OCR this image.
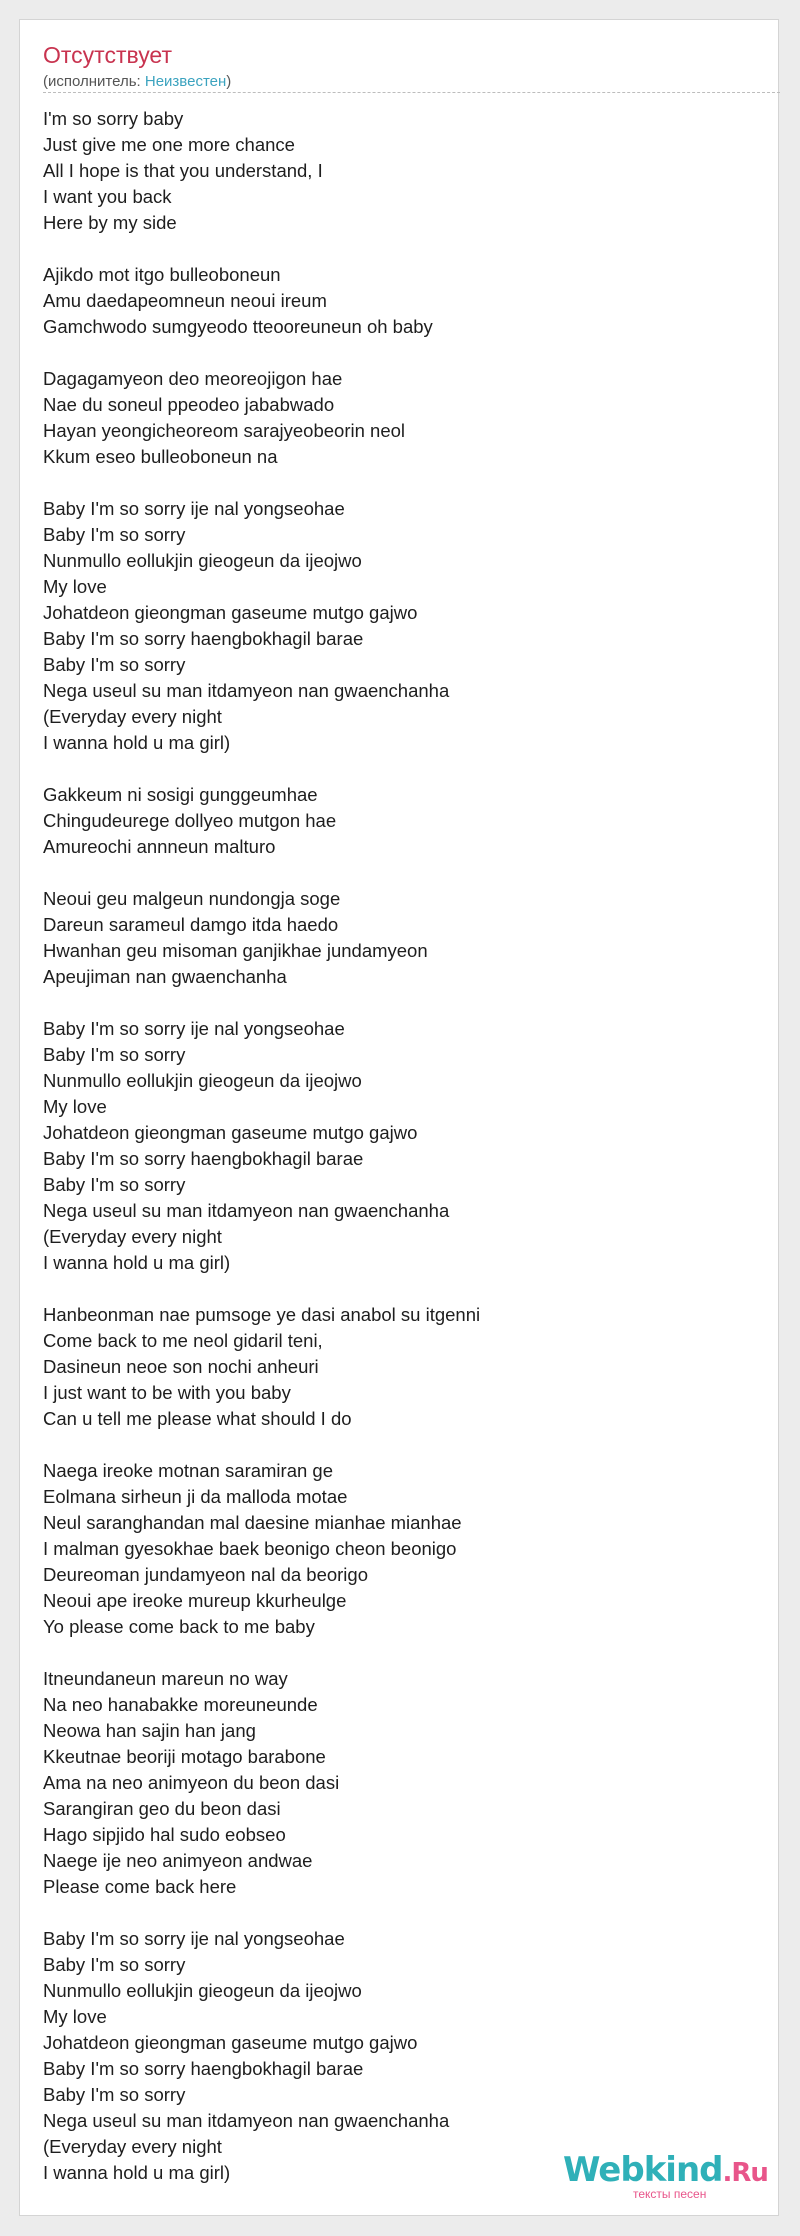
Отсутствует
(исполнитель: Неизвестен)
I'm so sorry baby
Just give me one more chance
All I hope is that you understand, I
I want you back
Here by my side
Ajikdo mot itgo bulleoboneun
Amu daedapeomneun neoui ireum
Gamchwodo sumgyeodo tteooreuneun oh baby
Dagagamyeon deo meoreojigon hae
Nae du soneul ppeodeo jababwado
Hayan yeongicheoreom sarajyeobeorin neol
Kkum eseo bulleoboneun na
Baby I'm so sorry ije nal yongseohae
Baby I'm so sorry
Nunmullo eollukjin gieogeun da ijeojwo
My love
Johatdeon gieongman gaseume mutgo gajwo
Baby I'm so sorry haengbokhagil barae
Baby I'm so sorry
Nega useul su man itdamyeon nan gwaenchanha
(Everyday every night
I wanna hold u ma girl)
Gakkeum ni sosigi gunggeumhae
Chingudeurege dollyeo mutgon hae
Amureochi annneun malturo
Neoui geu malgeun nundongja soge
Dareun sarameul damgo itda haedo
Hwanhan geu misoman ganjikhae jundamyeon
Apeujiman nan gwaenchanha
Baby I'm so sorry ije nal yongseohae
Baby I'm so sorry
Nunmullo eollukjin gieogeun da ijeojwo
My love
Johatdeon gieongman gaseume mutgo gajwo
Baby I'm so sorry haengbokhagil barae
Baby I'm so sorry
Nega useul su man itdamyeon nan gwaenchanha
(Everyday every night
I wanna hold u ma girl)
Hanbeonman nae pumsoge ye dasi anabol su itgenni
Come back to me neol gidaril teni,
Dasineun neoe son nochi anheuri
I just want to be with you baby
Can u tell me please what should I do
Naega ireoke motnan saramiran ge
Eolmana sirheun ji da malloda motae
Neul saranghandan mal daesine mianhae mianhae
I malman gyesokhae baek beonigo cheon beonigo
Deureoman jundamyeon nal da beorigo
Neoui ape ireoke mureup kkurheulge
Yo please come back to me baby
Itneundaneun mareun no way
Na neo hanabakke moreuneunde
Neowa han sajin han jang
Kkeutnae beoriji motago barabone
Ama na neo animyeon du beon dasi
Sarangiran geo du beon dasi
Hago sipjido hal sudo eobseo
Naege ije neo animyeon andwae
Please come back here
Baby I'm so sorry ije nal yongseohae
Baby I'm so sorry
Nunmullo eollukjin gieogeun da ijeojwo
My love
Johatdeon gieongman gaseume mutgo gajwo
Baby I'm so sorry haengbokhagil barae
Baby I'm so sorry
Nega useul su man itdamyeon nan gwaenchanha
(Everyday every night
I wanna hold u ma girl)	Webkind.Ru
тексты песен
